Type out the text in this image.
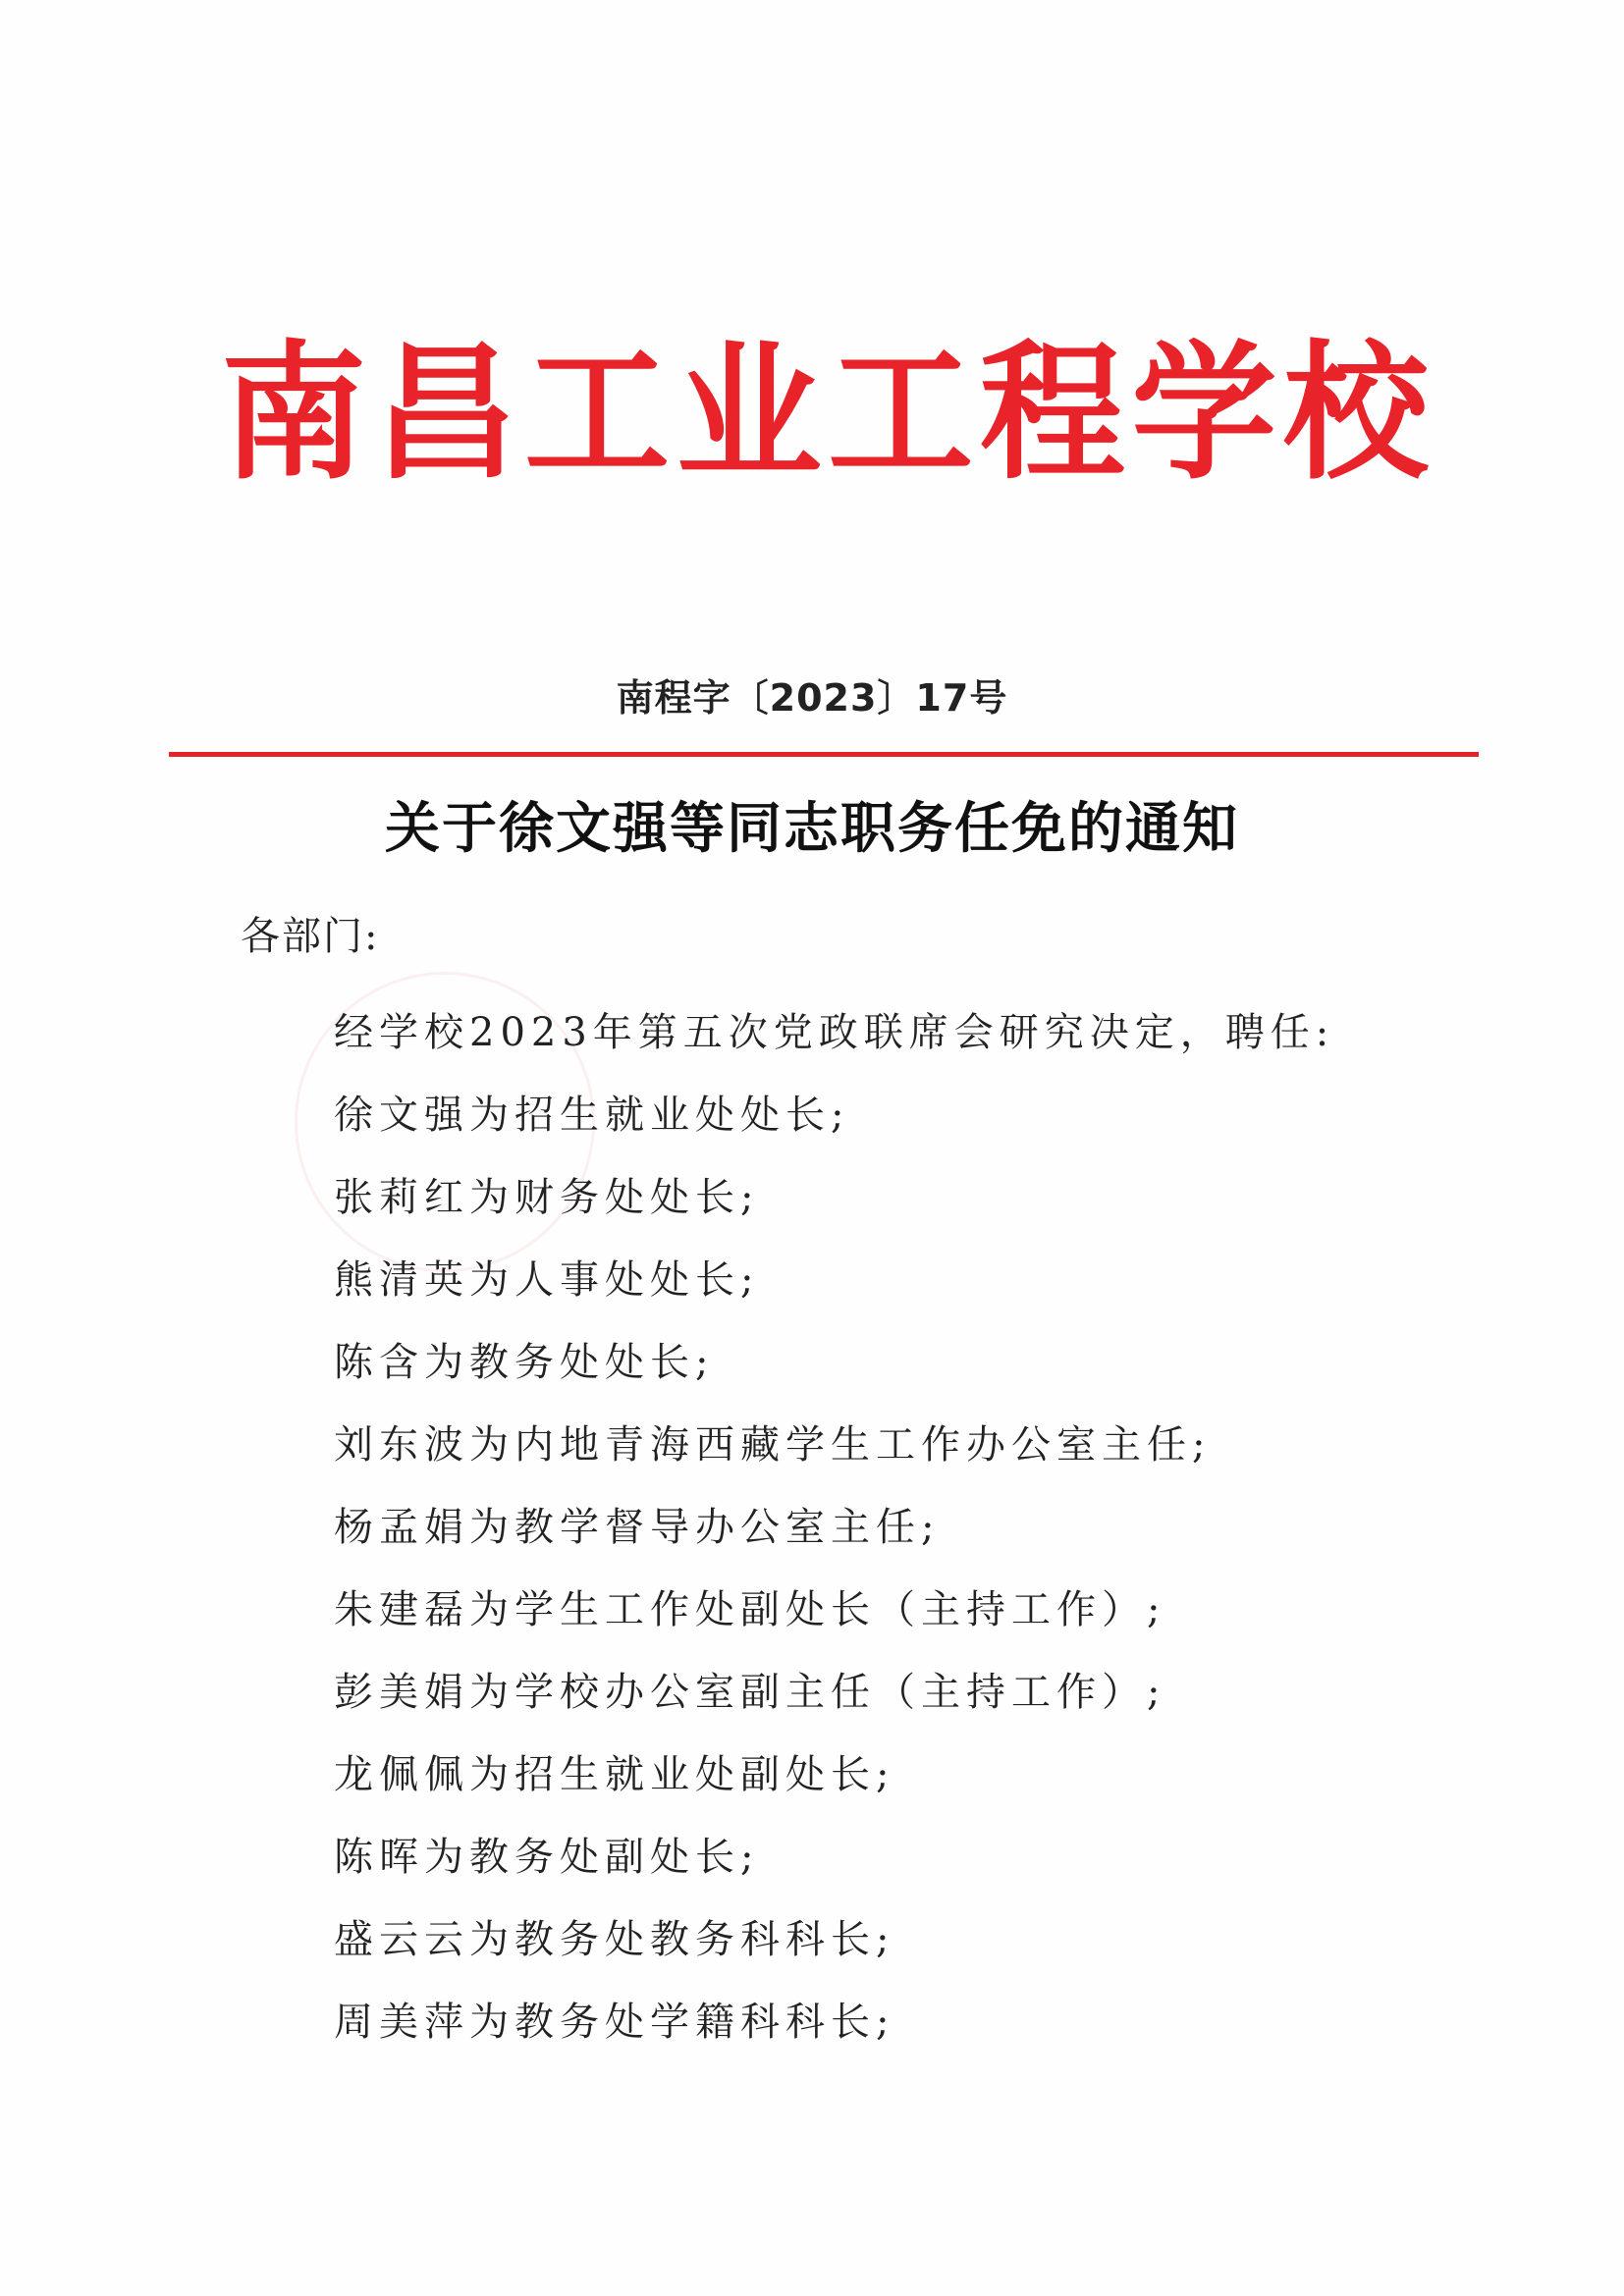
南 昌 工 业 工 程 学 校
南程字〔2023〕17号
关于徐文强等同志职务任免的通知
各部门:
经学校2023年第五次党政联席会研究决定，聘任:
徐文强为招生就业处处长;
张莉红为财务处处长;
熊清英为人事处处长;
陈含为教务处处长;
刘东波为内地青海西藏学生工作办公室主任;
杨孟娟为教学督导办公室主任;
朱建磊为学生工作处副处长（主持工作）;
彭美娟为学校办公室副主任（主持工作）;
龙佩佩为招生就业处副处长;
陈晖为教务处副处长;
盛云云为教务处教务科科长;
周美萍为教务处学籍科科长;
